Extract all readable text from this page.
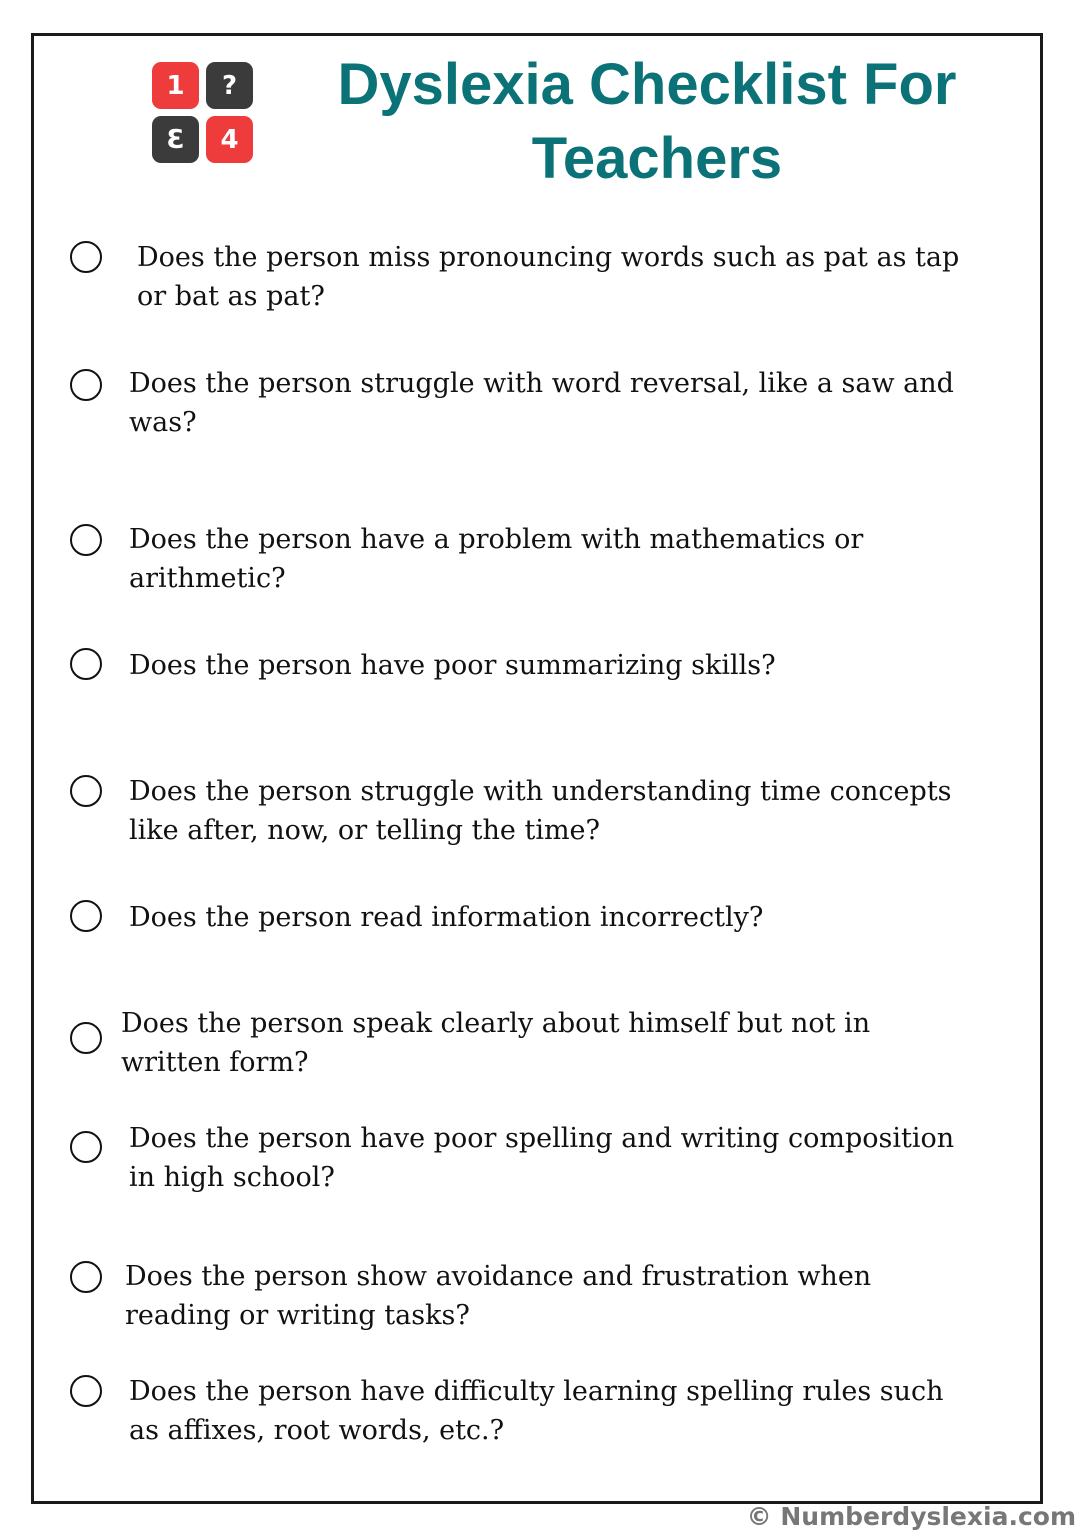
1	?
Ɛ	4
Dyslexia Checklist For
Teachers
Does the person miss pronouncing words such as pat as tap
or bat as pat?
Does the person struggle with word reversal, like a saw and
was?
Does the person have a problem with mathematics or
arithmetic?
Does the person have poor summarizing skills?
Does the person struggle with understanding time concepts
like after, now, or telling the time?
Does the person read information incorrectly?
Does the person speak clearly about himself but not in
written form?
Does the person have poor spelling and writing composition
in high school?
Does the person show avoidance and frustration when
reading or writing tasks?
Does the person have difficulty learning spelling rules such
as affixes, root words, etc.?
© Numberdyslexia.com
